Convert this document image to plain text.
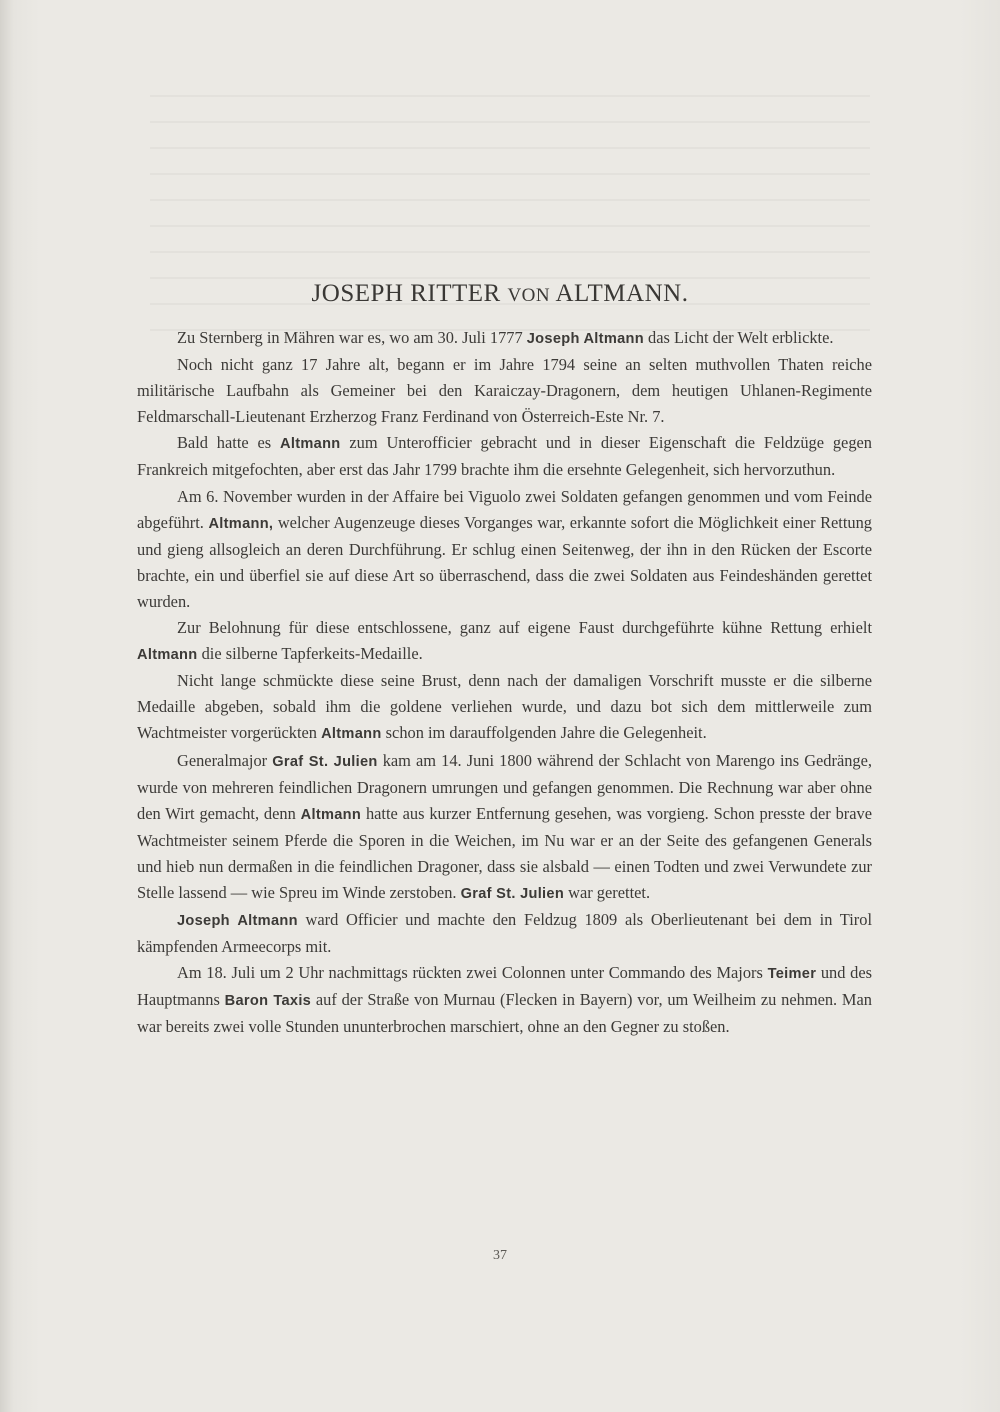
JOSEPH RITTER VON ALTMANN.

Zu Sternberg in Mähren war es, wo am 30. Juli 1777 Joseph Altmann das Licht der Welt erblickte.

Noch nicht ganz 17 Jahre alt, begann er im Jahre 1794 seine an selten muthvollen Thaten reiche militärische Laufbahn als Gemeiner bei den Karaiczay-Dragonern, dem heutigen Uhlanen-Regimente Feldmarschall-Lieutenant Erzherzog Franz Ferdinand von Österreich-Este Nr. 7.

Bald hatte es Altmann zum Unterofficier gebracht und in dieser Eigenschaft die Feldzüge gegen Frankreich mitgefochten, aber erst das Jahr 1799 brachte ihm die ersehnte Gelegenheit, sich hervorzuthun.

Am 6. November wurden in der Affaire bei Viguolo zwei Soldaten gefangen genommen und vom Feinde abgeführt. Altmann, welcher Augenzeuge dieses Vorganges war, erkannte sofort die Möglichkeit einer Rettung und gieng allsogleich an deren Durchführung. Er schlug einen Seitenweg, der ihn in den Rücken der Escorte brachte, ein und überfiel sie auf diese Art so überraschend, dass die zwei Soldaten aus Feindeshänden gerettet wurden.

Zur Belohnung für diese entschlossene, ganz auf eigene Faust durchgeführte kühne Rettung erhielt Altmann die silberne Tapferkeits-Medaille.

Nicht lange schmückte diese seine Brust, denn nach der damaligen Vorschrift musste er die silberne Medaille abgeben, sobald ihm die goldene verliehen wurde, und dazu bot sich dem mittlerweile zum Wachtmeister vorgerückten Altmann schon im darauffolgenden Jahre die Gelegenheit.

Generalmajor Graf St. Julien kam am 14. Juni 1800 während der Schlacht von Marengo ins Gedränge, wurde von mehreren feindlichen Dragonern umrungen und gefangen genommen. Die Rechnung war aber ohne den Wirt gemacht, denn Altmann hatte aus kurzer Entfernung gesehen, was vorgieng. Schon presste der brave Wachtmeister seinem Pferde die Sporen in die Weichen, im Nu war er an der Seite des gefangenen Generals und hieb nun dermaßen in die feindlichen Dragoner, dass sie alsbald — einen Todten und zwei Verwundete zur Stelle lassend — wie Spreu im Winde zerstoben. Graf St. Julien war gerettet.

Joseph Altmann ward Officier und machte den Feldzug 1809 als Oberlieutenant bei dem in Tirol kämpfenden Armeecorps mit.

Am 18. Juli um 2 Uhr nachmittags rückten zwei Colonnen unter Commando des Majors Teimer und des Hauptmanns Baron Taxis auf der Straße von Murnau (Flecken in Bayern) vor, um Weilheim zu nehmen. Man war bereits zwei volle Stunden ununterbrochen marschiert, ohne an den Gegner zu stoßen.

37
